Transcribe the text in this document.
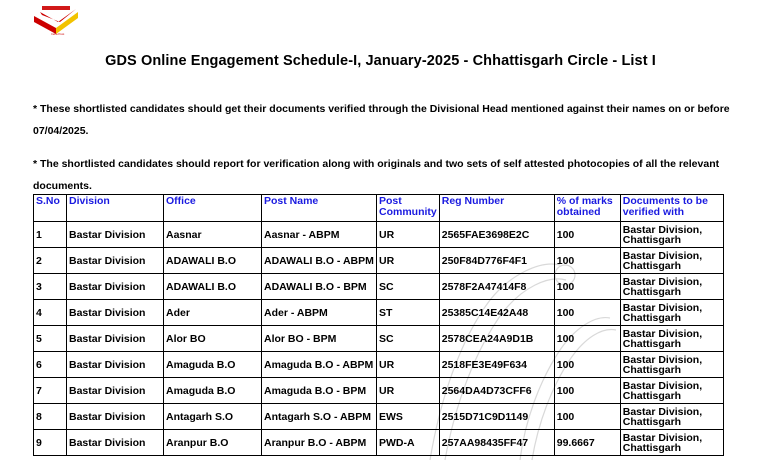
India Post
GDS Online Engagement Schedule-I, January-2025 - Chhattisgarh Circle - List I

* These shortlisted candidates should get their documents verified through the Divisional Head mentioned against their names on or before 07/04/2025.

* The shortlisted candidates should report for verification along with originals and two sets of self attested photocopies of all the relevant documents.

S.No	Division	Office	Post Name	Post Community	Reg Number	% of marks obtained	Documents to be verified with
1	Bastar Division	Aasnar	Aasnar - ABPM	UR	2565FAE3698E2C	100	Bastar Division, Chattisgarh
2	Bastar Division	ADAWALI B.O	ADAWALI B.O - ABPM	UR	250F84D776F4F1	100	Bastar Division, Chattisgarh
3	Bastar Division	ADAWALI B.O	ADAWALI B.O - BPM	SC	2578F2A47414F8	100	Bastar Division, Chattisgarh
4	Bastar Division	Ader	Ader - ABPM	ST	25385C14E42A48	100	Bastar Division, Chattisgarh
5	Bastar Division	Alor BO	Alor BO - BPM	SC	2578CEA24A9D1B	100	Bastar Division, Chattisgarh
6	Bastar Division	Amaguda B.O	Amaguda B.O - ABPM	UR	2518FE3E49F634	100	Bastar Division, Chattisgarh
7	Bastar Division	Amaguda B.O	Amaguda B.O - BPM	UR	2564DA4D73CFF6	100	Bastar Division, Chattisgarh
8	Bastar Division	Antagarh S.O	Antagarh S.O - ABPM	EWS	2515D71C9D1149	100	Bastar Division, Chattisgarh
9	Bastar Division	Aranpur B.O	Aranpur B.O - ABPM	PWD-A	257AA98435FF47	99.6667	Bastar Division, Chattisgarh
